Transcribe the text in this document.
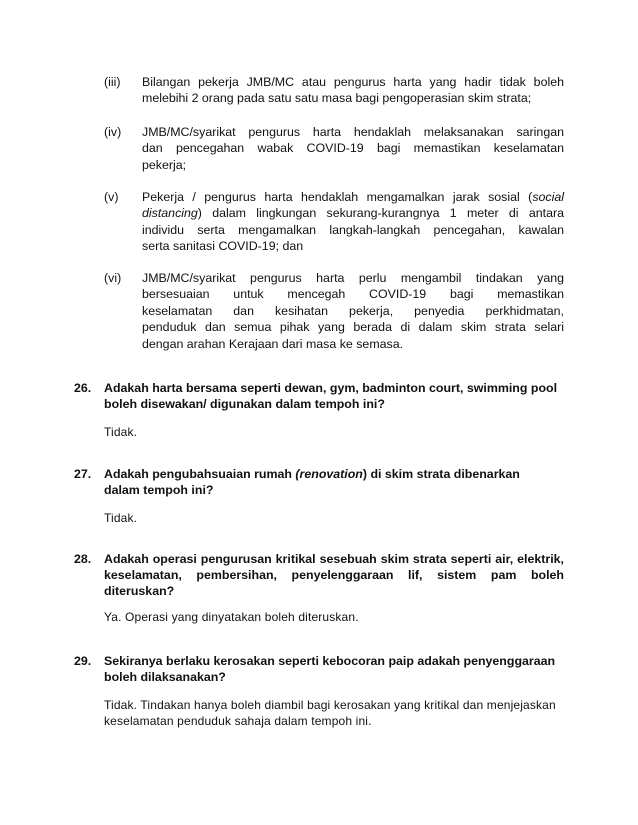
(iii)	Bilangan pekerja JMB/MC atau pengurus harta yang hadir tidak boleh
melebihi 2 orang pada satu satu masa bagi pengoperasian skim strata;
(iv)	JMB/MC/syarikat pengurus harta hendaklah melaksanakan saringan
dan pencegahan wabak COVID-19 bagi memastikan keselamatan
pekerja;
(v)	Pekerja / pengurus harta hendaklah mengamalkan jarak sosial (social
distancing) dalam lingkungan sekurang-kurangnya 1 meter di antara
individu serta mengamalkan langkah-langkah pencegahan, kawalan
serta sanitasi COVID-19; dan
(vi)	JMB/MC/syarikat pengurus harta perlu mengambil tindakan yang
bersesuaian untuk mencegah COVID-19 bagi memastikan
keselamatan dan kesihatan pekerja, penyedia perkhidmatan,
penduduk dan semua pihak yang berada di dalam skim strata selari
dengan arahan Kerajaan dari masa ke semasa.
26.	Adakah harta bersama seperti dewan, gym, badminton court, swimming pool
boleh disewakan/ digunakan dalam tempoh ini?
Tidak.
27.	Adakah pengubahsuaian rumah (renovation) di skim strata dibenarkan
dalam tempoh ini?
Tidak.
28.	Adakah operasi pengurusan kritikal sesebuah skim strata seperti air, elektrik,
keselamatan, pembersihan, penyelenggaraan lif, sistem pam boleh
diteruskan?
Ya. Operasi yang dinyatakan boleh diteruskan.
29.	Sekiranya berlaku kerosakan seperti kebocoran paip adakah penyenggaraan
boleh dilaksanakan?
Tidak. Tindakan hanya boleh diambil bagi kerosakan yang kritikal dan menjejaskan
keselamatan penduduk sahaja dalam tempoh ini.
